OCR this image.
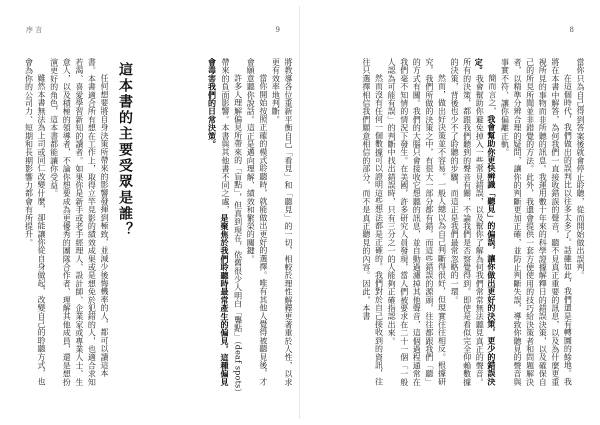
序 言	9

將教導各位重新平衡自己「看見」和「聽見」的一切，相較於理性解釋更著重於人性，以求更有效率地判斷。

當你開始按照正確的模式聆聽時，就能做出更好的選擇。唯有其他人覺得被聽見後，才會願意聽你說話。這正是邁向理解、績效和繁榮的關鍵。

許多人理解偏見所帶來的「盲點」，但真到現在，依舊很少人明白「聾點」（deaf spots）帶來的負面影響。本書與其他書不同之處，是聚焦於我們聆聽時最常產生的偏見，這種偏見會毒害我們的日常決策。

這本書的主要受眾是誰？

任何想要將自身決策所帶來的影響發揮到極致，並減少後悔機率的人，都可以讀這本書。本書適合所有想在工作上，取得立竿見影的績效成果或是想免於犯錯的人，也適合求知若渴、喜愛學習新知的讀者。如果你是新手或老手經理人、設計師、企業家或專業人士、生意人，以及積極的領導者，不論你想要成為更優秀的團隊合作者、理解其他成員，還是想扮演更好的角色，這本書都能讓你受益。

雖然本書無法為上司或同仁改變什麼，卻能讓你從自身做起，改變自己的聆聽方式，也會為你的公司力、短期和長期影響力都會有所提升。

8

當你只為自己得到答案後就會停止聆聽，從而開始做出誤判。

在這個時代，我們做出的誤判比以往多太多了。話雖如此，我們還是有轉圜的餘地。我將在本書中解答，為何我們一直接收錯誤的聲音，聽不見真正重要的訊息，以及為什麼更重視所見的事物而非所聽的訊息。我運用數十年來的科學證據解釋日的錯誤決策，以及確保自己的所見所聞並非錯覺的方法。此外，我還會提供一套方便使用的技巧給決策者和問題解決者，以精準分辨合理的疑問，讓你的判斷更加正確，並防止判斷失誤，導致你聽見的聲音與事實不符、讓你偏離正軌。

簡而言之，我會幫助你更快辨識「聽見」的偏誤，讓你做出更好的決策，更少的錯誤決定。我會幫助你避免掉入一些常見錯誤，以及幫你了解為何我們常常無法聽見真正的聲音。所有的決策，都跟我們聽到的聲音有關，不論我們是否察覺得到。即使是看似完全仰賴數據的決策，背後也少不了聆聽的步驟，而這正是我們最常忽略的一環。

然而，做出好決策並不容易。一般人總以為自己判斷得很好，但現實往往相反。根據研究，我們所做的決策之中，有很大一部分都有錯，而這些錯誤的源頭，往往都跟我們「聽」的方式有關。我們的大腦只會接收它想聽的訊息，並自動過濾掉其他聲音，這個過程通常在我們毫不知情的情況下發生。在美國，許多研究人員發現，當人們被要求在二十一個「一般人認為可能有誤」的判斷中找出錯誤時，只有三分之一的人能夠正確指認出來。

然而沒有任何一個數據可以證明這些想法都是正確的。我們對於自己接收到的資訊，往往只選擇相信我們願意相信的部分，而不是真正聽見的內容。因此，本書
